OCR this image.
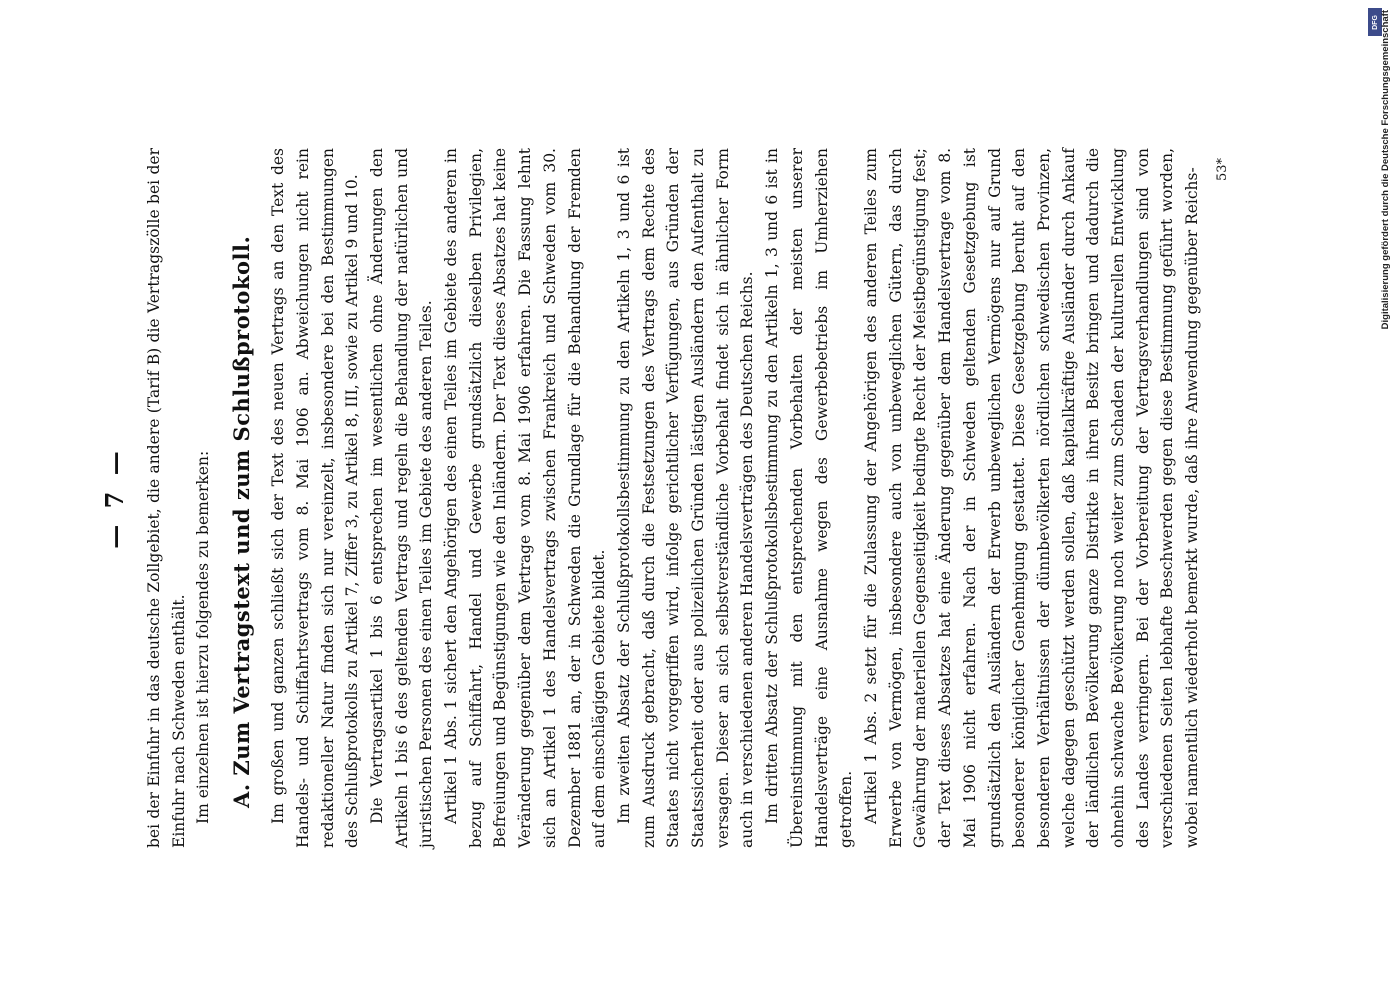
— 7 — bei der Einfuhr in das deutsche Zollgebiet, die andere (Tarif B) die Vertragszölle bei der Einfuhr nach Schweden enthält. Im einzelnen ist hierzu folgendes zu bemerken: A. Zum Vertragstext und zum Schlußprotokoll. Im großen und ganzen schließt sich der Text des neuen Vertrags an den Text des Handels- und Schiffahrtsvertrags vom 8. Mai 1906 an. Abweichungen nicht rein redaktioneller Natur finden sich nur vereinzelt, insbesondere bei den Bestimmungen des Schlußprotokolls zu Artikel 7, Ziffer 3, zu Artikel 8, III, sowie zu Artikel 9 und 10. Die Vertragsartikel 1 bis 6 entsprechen im wesentlichen ohne Änderungen den Artikeln 1 bis 6 des geltenden Vertrags und regeln die Behandlung der natürlichen und juristischen Personen des einen Teiles im Gebiete des anderen Teiles. Artikel 1 Abs. 1 sichert den Angehörigen des einen Teiles im Gebiete des anderen in bezug auf Schiffahrt, Handel und Gewerbe grundsätzlich dieselben Privilegien, Befreiungen und Begünstigungen wie den Inländern. Der Text dieses Absatzes hat keine Veränderung gegenüber dem Vertrage vom 8. Mai 1906 erfahren. Die Fassung lehnt sich an Artikel 1 des Handelsvertrags zwischen Frankreich und Schweden vom 30. Dezember 1881 an, der in Schweden die Grundlage für die Behandlung der Fremden auf dem einschlägigen Gebiete bildet. Im zweiten Absatz der Schlußprotokollsbestimmung zu den Artikeln 1, 3 und 6 ist zum Ausdruck gebracht, daß durch die Festsetzungen des Vertrags dem Rechte des Staates nicht vorgegriffen wird, infolge gerichtlicher Verfügungen, aus Gründen der Staatssicherheit oder aus polizeilichen Gründen lästigen Ausländern den Aufenthalt zu versagen. Dieser an sich selbstverständliche Vorbehalt findet sich in ähnlicher Form auch in verschiedenen anderen Handelsverträgen des Deutschen Reichs. Im dritten Absatz der Schlußprotokollsbestimmung zu den Artikeln 1, 3 und 6 ist in Übereinstimmung mit den entsprechenden Vorbehalten der meisten unserer Handelsverträge eine Ausnahme wegen des Gewerbebetriebs im Umherziehen getroffen. Artikel 1 Abs. 2 setzt für die Zulassung der Angehörigen des anderen Teiles zum Erwerbe von Vermögen, insbesondere auch von unbeweglichen Gütern, das durch Gewährung der materiellen Gegenseitigkeit bedingte Recht der Meistbegünstigung fest; der Text dieses Absatzes hat eine Änderung gegenüber dem Handelsvertrage vom 8. Mai 1906 nicht erfahren. Nach der in Schweden geltenden Gesetzgebung ist grundsätzlich den Ausländern der Erwerb unbeweglichen Vermögens nur auf Grund besonderer königlicher Genehmigung gestattet. Diese Gesetzgebung beruht auf den besonderen Verhältnissen der dünnbevölkerten nördlichen schwedischen Provinzen, welche dagegen geschützt werden sollen, daß kapitalkräftige Ausländer durch Ankauf der ländlichen Bevölkerung ganze Distrikte in ihren Besitz bringen und dadurch die ohnehin schwache Bevölkerung noch weiter zum Schaden der kulturellen Entwicklung des Landes verringern. Bei der Vorbereitung der Vertragsverhandlungen sind von verschiedenen Seiten lebhafte Beschwerden gegen diese Bestimmung geführt worden, wobei namentlich wiederholt bemerkt wurde, daß ihre Anwendung gegenüber Reichs- 53*
DFG Digitalisierung gefördert durch die Deutsche Forschungsgemeinschaft
